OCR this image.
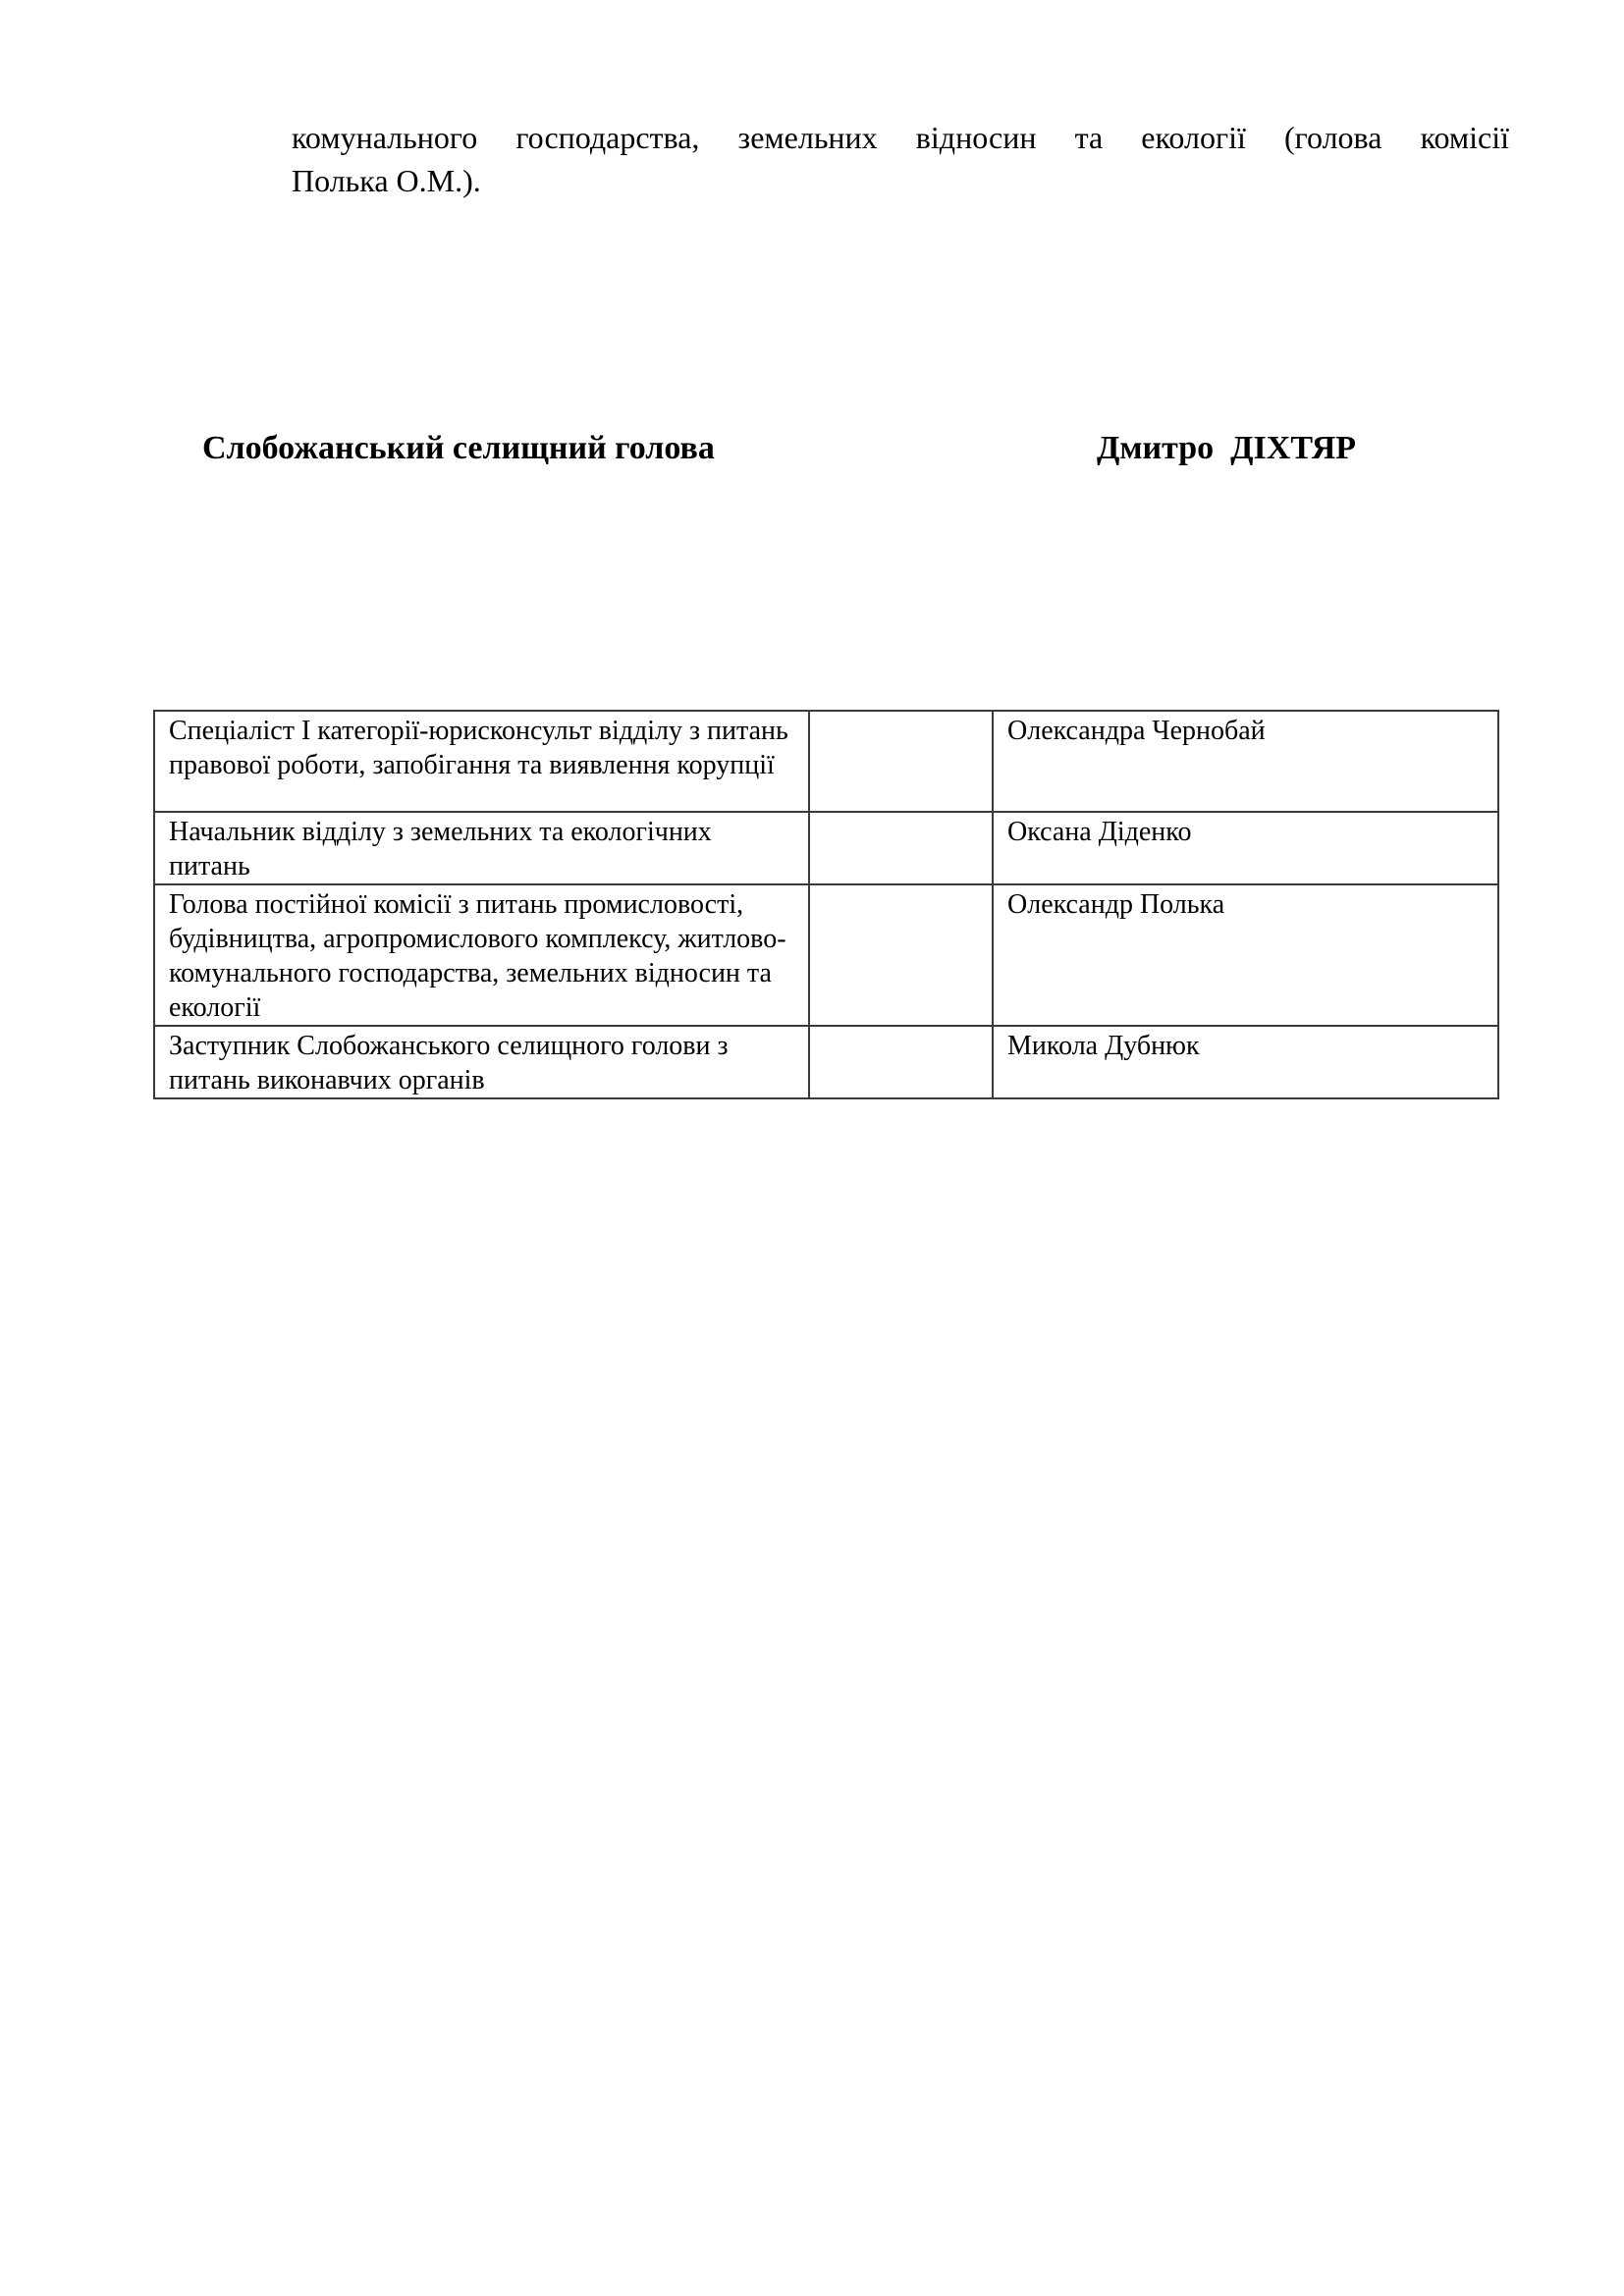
комунального господарства, земельних відносин та екології (голова комісії
Полька О.М.).
Слобожанський селищний голова	Дмитро  ДІХТЯР
Спеціаліст І категорії-юрисконсульт відділу з питань правової роботи, запобігання та виявлення корупції		Олександра Чернобай
Начальник відділу з земельних та екологічних питань		Оксана Діденко
Голова постійної комісії з питань промисловості, будівництва, агропромислового комплексу, житлово-комунального господарства, земельних відносин та екології		Олександр Полька
Заступник Слобожанського селищного голови з питань виконавчих органів		Микола Дубнюк
